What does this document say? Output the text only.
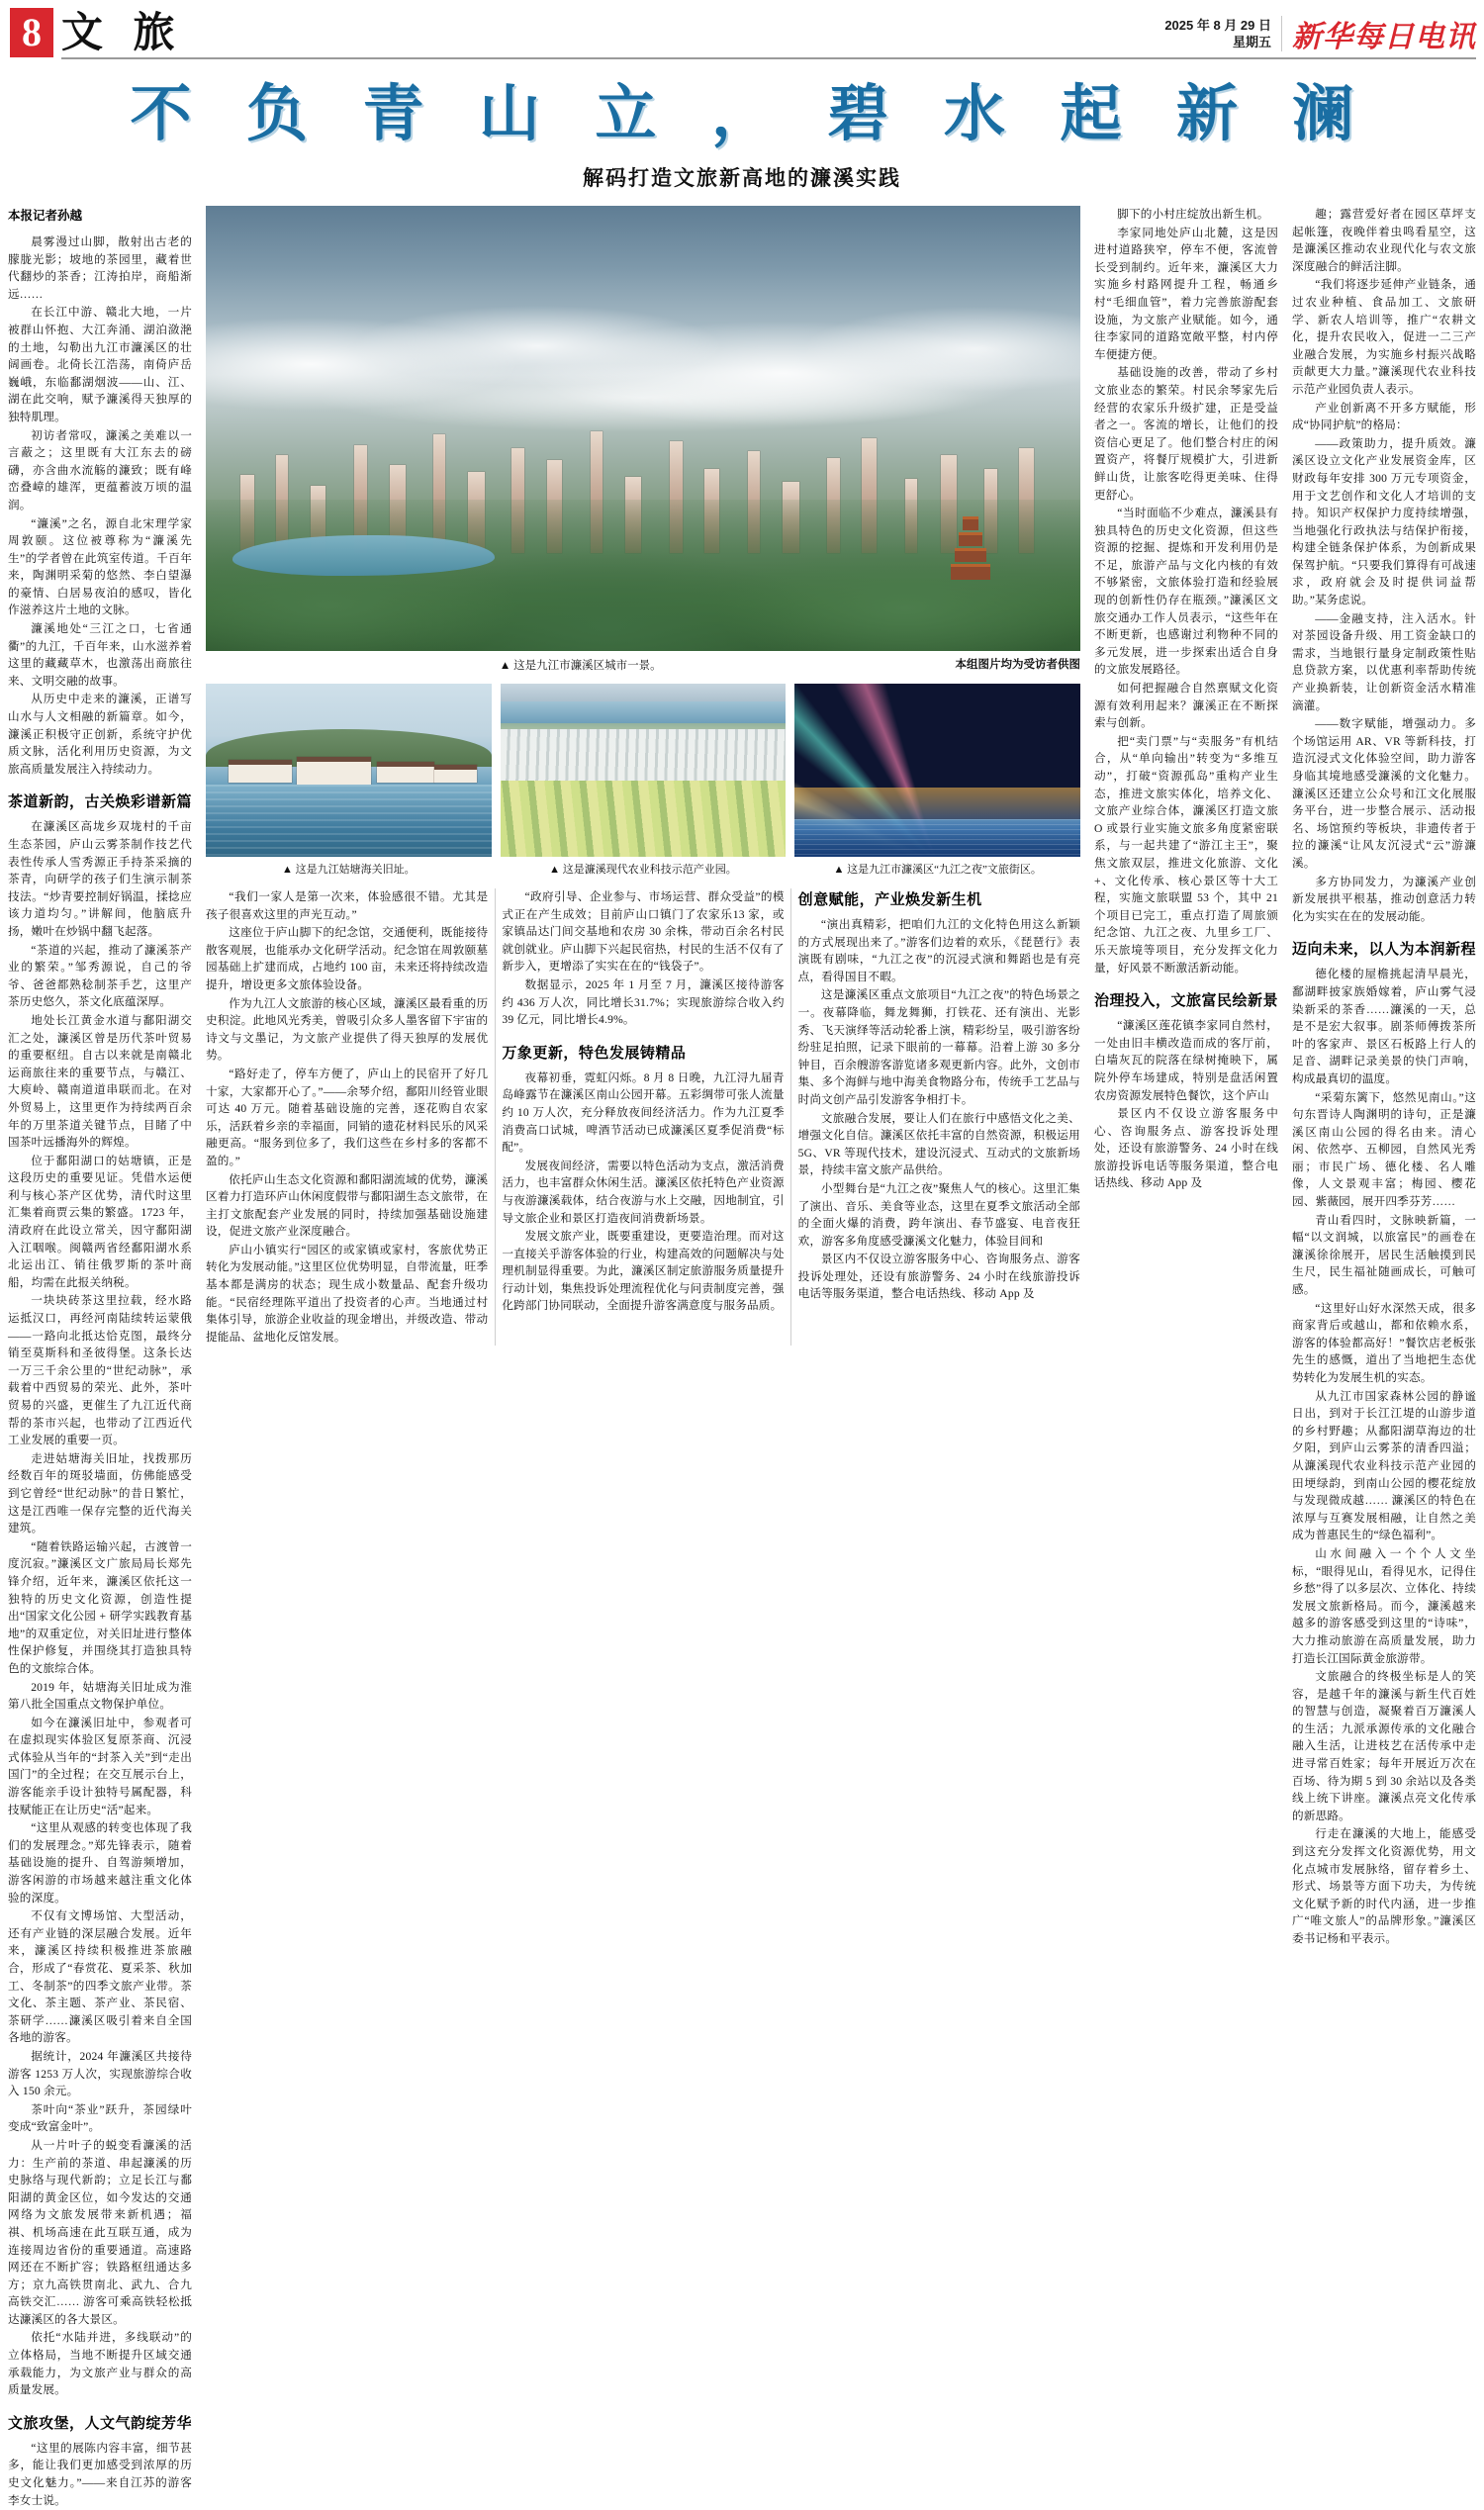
8 文 旅	2025 年 8 月 29 日
星期五 新华每日电讯
不 负 青 山 立 ， 碧 水 起 新 澜
解码打造文旅新高地的濂溪实践
本报记者孙越

晨雾漫过山脚，散射出古老的朦胧光影；坡地的茶园里，藏着世代翻炒的茶香；江涛拍岸，商船渐远……

在长江中游、赣北大地，一片被群山怀抱、大江奔涌、湖泊潋滟的土地，勾勒出九江市濂溪区的壮阔画卷。北倚长江浩荡，南倚庐岳巍峨，东临鄱湖烟波——山、江、湖在此交响，赋予濂溪得天独厚的独特肌理。

初访者常叹，濂溪之美难以一言蔽之；这里既有大江东去的磅礴，亦含曲水流觞的濂致；既有峰峦叠嶂的雄浑，更蕴蓄波万顷的温润。

“濂溪”之名，源自北宋理学家周敦颐。这位被尊称为“濂溪先生”的学者曾在此筑室传道。千百年来，陶渊明采菊的悠然、李白望瀑的豪情、白居易夜泊的感叹，皆化作滋养这片土地的文脉。

濂溪地处“三江之口，七省通衢”的九江，千百年来，山水滋养着这里的藏藏草木，也激荡出商旅往来、文明交融的故事。

从历史中走来的濂溪，正谱写山水与人文相融的新篇章。如今，濂溪正积极守正创新，系统守护优质文脉，活化利用历史资源，为文旅高质量发展注入持续动力。

茶道新韵，古关焕彩谱新篇

在濂溪区高垅乡双垅村的千亩生态茶园，庐山云雾茶制作技艺代表性传承人雪秀源正手持茶采摘的茶青，向研学的孩子们生演示制茶技法。“炒青要控制好锅温，揉捻应该力道均匀。”讲解间，他脑底升扬，嫩叶在炒锅中翻飞起落。

“茶道的兴起，推动了濂溪茶产业的繁荣。”邹秀源说，自己的爷爷、爸爸都熟稔制茶手艺，这里产茶历史悠久，茶文化底蕴深厚。

地处长江黄金水道与鄱阳湖交汇之处，濂溪区曾是历代茶叶贸易的重要枢纽。自古以来就是南赣北运商旅往来的重要节点，与赣江、大庾岭、赣南道道串联而北。在对外贸易上，这里更作为持续两百余年的万里茶道关键节点，目睹了中国茶叶远播海外的辉煌。

位于鄱阳湖口的姑塘镇，正是这段历史的重要见证。凭借水运便利与核心茶产区优势，清代时这里汇集着商贾云集的繁盛。1723 年，清政府在此设立常关，因守鄱阳湖入江咽喉。闽赣两省经鄱阳湖水系北运出江、销往俄罗斯的茶叶商船，均需在此报关纳税。

一块块砖茶这里拉载，经水路运抵汉口，再经河南陆续转运蒙俄——一路向北抵达恰克图，最终分销至莫斯科和圣彼得堡。这条长达一万三千余公里的“世纪动脉”，承载着中西贸易的荣光、此外，茶叶贸易的兴盛，更催生了九江近代商帮的茶市兴起，也带动了江西近代工业发展的重要一页。

走进姑塘海关旧址，找拨那历经数百年的斑驳墙面，仿佛能感受到它曾经“世纪动脉”的昔日繁忙，这是江西唯一保存完整的近代海关建筑。

“随着铁路运输兴起，古渡曾一度沉寂。”濂溪区文广旅局局长郑先锋介绍，近年来，濂溪区依托这一独特的历史文化资源，创造性提出“国家文化公园 + 研学实践教育基地”的双重定位，对关旧址进行整体性保护修复，并围绕其打造独具特色的文旅综合体。

2019 年，姑塘海关旧址成为淮第八批全国重点文物保护单位。

如今在濂溪旧址中，参观者可在虚拟现实体验区复原茶商、沉浸式体验从当年的“封茶入关”到“走出国门”的全过程；在交互展示台上，游客能亲手设计独特号属配器，科技赋能正在让历史“活”起来。

“这里从观感的转变也体现了我们的发展理念。”郑先锋表示，随着基础设施的提升、自驾游频增加，游客闲游的市场越来越注重文化体验的深度。

不仅有文博场馆、大型活动，还有产业链的深层融合发展。近年来，濂溪区持续积极推进茶旅融合，形成了“春赏花、夏采茶、秋加工、冬制茶”的四季文旅产业带。茶文化、茶主题、茶产业、茶民宿、茶研学……濂溪区吸引着来自全国各地的游客。

据统计，2024 年濂溪区共接待游客 1253 万人次，实现旅游综合收入 150 余元。

茶叶向“茶业”跃升，茶园绿叶变成“致富金叶”。

从一片叶子的蜕变看濂溪的活力：生产前的茶道、串起濂溪的历史脉络与现代新韵；立足长江与鄱阳湖的黄金区位，如今发达的交通网络为文旅发展带来新机遇；福祺、机场高速在此互联互通，成为连接周边省份的重要通道。高速路网还在不断扩容；铁路枢纽通达多方；京九高铁贯南北、武九、合九高铁交汇…… 游客可乘高铁轻松抵达濂溪区的各大景区。

依托“水陆并进，多线联动”的立体格局，当地不断提升区域交通承载能力，为文旅产业与群众的高质量发展。

文旅攻堡，人文气韵绽芳华

“这里的展陈内容丰富，细节甚多，能让我们更加感受到浓厚的历史文化魅力。”——来自江苏的游客李女士说。

▲ 这是九江市濂溪区城市一景。	本组图片均为受访者供图
▲ 这是九江姑塘海关旧址。	▲ 这是濂溪现代农业科技示范产业园。	▲ 这是九江市濂溪区“九江之夜”文旅街区。

“我们一家人是第一次来，体验感很不错。尤其是孩子很喜欢这里的声光互动。”

这座位于庐山脚下的纪念馆，交通便利，既能接待散客观展，也能承办文化研学活动。纪念馆在周敦颐墓园基础上扩建而成，占地约 100 亩，未来还将持续改造提升，增设更多文旅体验设备。

作为九江人文旅游的核心区域，濂溪区最看重的历史积淀。此地风光秀美，曾吸引众多人墨客留下宇宙的诗文与文墨记，为文旅产业提供了得天独厚的发展优势。

“路好走了，停车方便了，庐山上的民宿开了好几十家，大家都开心了。”——余琴介绍，鄱阳川经管业眼可达 40 万元。随着基础设施的完善，逐花购自农家乐，活跃着乡亲的幸福面，同销的遗花材料民乐的风采融更高。“服务到位多了，我们这些在乡村多的客都不盈的。”

依托庐山生态文化资源和鄱阳湖流域的优势，濂溪区着力打造环庐山休闲度假带与鄱阳湖生态文旅带，在主打文旅配套产业发展的同时，持续加强基础设施建设，促进文旅产业深度融合。

庐山小镇实行“园区的或家镇或家村，客旅优势正转化为发展动能。”这里区位优势明显，自带流量，旺季基本都是满房的状态；现生成小数量品、配套升级功能。“民宿经理陈平道出了投资者的心声。当地通过村集体引导，旅游企业收益的现金增出，并级改造、带动提能品、盆地化反馆发展。

“政府引导、企业参与、市场运营、群众受益”的模式正在产生成效；目前庐山口镇门了农家乐13 家，或家镇品达门间交基地和农房 30 余株，带动百余名村民就创就业。庐山脚下兴起民宿热，村民的生活不仅有了新步入，更增添了实实在在的“钱袋子”。

数据显示，2025 年 1 月至 7 月，濂溪区接待游客约 436 万人次，同比增长31.7%；实现旅游综合收入约 39 亿元，同比增长4.9%。

万象更新，特色发展铸精品

夜幕初垂，霓虹闪烁。8 月 8 日晚，九江浔九届青岛峰露节在濂溪区南山公园开幕。五彩绸带可张人流量约 10 万人次，充分释放夜间经济活力。作为九江夏季消费高口试城，啤酒节活动已成濂溪区夏季促消费“标配”。

发展夜间经济，需要以特色活动为支点，激活消费活力，也丰富群众休闲生活。濂溪区依托特色产业资源与夜游濂溪载体，结合夜游与水上交融，因地制宜，引导文旅企业和景区打造夜间消费新场景。

发展文旅产业，既要重建设，更要造治理。而对这一直接关乎游客体验的行业，构建高效的问题解决与处理机制显得重要。为此，濂溪区制定旅游服务质量提升行动计划，集焦投诉处理流程优化与问责制度完善，强化跨部门协同联动，全面提升游客满意度与服务品质。

创意赋能，产业焕发新生机

“演出真精彩，把咱们九江的文化特色用这么新颖的方式展现出来了。”游客们边着的欢乐，《琵琶行》表演既有剧味，“九江之夜”的沉浸式演和舞蹈也是有亮点，看得国目不暇。

这是濂溪区重点文旅项目“九江之夜”的特色场景之一。夜幕降临，舞龙舞狮，打铁花、还有演出、光影秀、飞天演绎等活动轮番上演，精彩纷呈，吸引游客纷纷驻足拍照，记录下眼前的一幕幕。沿着上游 30 多分钟目，百余艘游客游览诸多观更新内容。此外，文创市集、多个海鲜与地中海美食物路分布，传统手工艺品与时尚文创产品引发游客争相打卡。

文旅融合发展，要让人们在旅行中感悟文化之美、增强文化自信。濂溪区依托丰富的自然资源，积极运用 5G、VR 等现代技术，建设沉浸式、互动式的文旅新场景，持续丰富文旅产品供给。

小型舞台是“九江之夜”聚焦人气的核心。这里汇集了演出、音乐、美食等业态，这里在夏季文旅活动全部的全面火爆的消费，跨年演出、春节盛宴、电音夜狂欢，游客多角度感受濂溪文化魅力，体验目间和

景区内不仅设立游客服务中心、咨询服务点、游客投诉处理处，还设有旅游警务、24 小时在线旅游投诉电话等服务渠道，整合电话热线、移动 App 及

脚下的小村庄绽放出新生机。

李家同地处庐山北麓，这是因进村道路狭窄，停车不便，客流曾长受到制约。近年来，濂溪区大力实施乡村路网提升工程，畅通乡村“毛细血管”，着力完善旅游配套设施，为文旅产业赋能。如今，通往李家同的道路宽敞平整，村内停车便捷方便。

基础设施的改善，带动了乡村文旅业态的繁荣。村民余琴家先后经营的农家乐升级扩建，正是受益者之一。客流的增长，让他们的投资信心更足了。他们整合村庄的闲置资产，将餐厅规模扩大，引进新鲜山货，让旅客吃得更美味、住得更舒心。

“当时面临不少难点，濂溪县有独具特色的历史文化资源，但这些资源的挖掘、提炼和开发利用仍是不足，旅游产品与文化内核的有效不够紧密，文旅体验打造和经验展现的创新性仍存在瓶颈。”濂溪区文旅交通办工作人员表示，“这些年在不断更新，也感谢过利物种不同的多元发展，进一步探索出适合自身的文旅发展路径。

如何把握融合自然禀赋文化资源有效利用起来？濂溪正在不断探索与创新。

把“卖门票”与“卖服务”有机结合，从“单向输出”转变为“多维互动”，打破“资源孤岛”重构产业生态，推进文旅实体化，培养文化、文旅产业综合体，濂溪区打造文旅 O 或景行业实施文旅多角度紧密联系，与一起共建了“游江主王”，聚焦文旅双层，推进文化旅游、文化+、文化传承、核心景区等十大工程，实施文旅联盟 53 个，其中 21 个项目已完工，重点打造了周旅颁纪念馆、九江之夜、九里乡工厂、乐天旅境等项目，充分发挥文化力量，好风景不断激活新动能。

治理投入，文旅富民绘新景

“濂溪区莲花镇李家同自然村，一处由旧丰横改造而成的客厅前，白墙灰瓦的院落在绿树掩映下，属院外停车场建成，特别是盘活闲置农房资源发展特色餐饮，这个庐山

景区内不仅设立游客服务中心、咨询服务点、游客投诉处理处，还设有旅游警务、24 小时在线旅游投诉电话等服务渠道，整合电话热线、移动 App 及

趣；露营爱好者在园区草坪支起帐篷，夜晚伴着虫鸣看星空，这是濂溪区推动农业现代化与农文旅深度融合的鲜活注脚。

“我们将逐步延伸产业链条，通过农业种植、食品加工、文旅研学、新农人培训等，推广“农耕文化，提升农民收入，促进一二三产业融合发展，为实施乡村振兴战略贡献更大力量。”濂溪现代农业科技示范产业园负责人表示。

产业创新离不开多方赋能，形成“协同护航”的格局：

——政策助力，提升质效。濂溪区设立文化产业发展资金库，区财政每年安排 300 万元专项资金，用于文艺创作和文化人才培训的支持。知识产权保护力度持续增强，当地强化行政执法与结保护衔接，构建全链条保护体系，为创新成果保驾护航。“只要我们算得有可战速求，政府就会及时提供词益帮助。”某务虑说。

——金融支持，注入活水。针对茶园设备升级、用工资金缺口的需求，当地银行量身定制政策性贴息贷款方案，以优惠利率帮助传统产业换新装，让创新资金活水精准滴灌。

——数字赋能，增强动力。多个场馆运用 AR、VR 等新科技，打造沉浸式文化体验空间，助力游客身临其境地感受濂溪的文化魅力。濂溪区还建立公众号和江文化展服务平台，进一步整合展示、活动报名、场馆预约等板块，非遗传者于拉的濂溪“让风友沉浸式“云”游濂溪。

多方协同发力，为濂溪产业创新发展拱平根基，推动创意活力转化为实实在在的发展动能。

迈向未来，以人为本润新程

德化楼的屋檐挑起清早晨光，鄱湖畔披家族婚嫁着，庐山雾气浸染新采的茶香……濂溪的一天，总是不是宏大叙事。剧茶师傅拨茶所叶的客家声、景区石板路上行人的足音、湖畔记录美景的快门声响，构成最真切的温度。

“采菊东篱下，悠然见南山。”这句东晋诗人陶渊明的诗句，正是濂溪区南山公园的得名由来。清心闲、依然亭、五柳园，自然风光秀丽；市民广场、德化楼、名人雕像，人文景观丰富；梅园、樱花园、紫薇园，展开四季芬芳……

青山看四时，文脉映新篇，一幅“以文润城，以旅富民”的画卷在濂溪徐徐展开，居民生活触摸到民生尺，民生福祉随画成长，可触可感。

“这里好山好水深然天成，很多商家背后或越山，都和依赖水系，游客的体验都高好！”餐饮店老板张先生的感慨，道出了当地把生态优势转化为发展生机的实态。

从九江市国家森林公园的静谧日出，到对于长江江堤的山游步道的乡村野趣；从鄱阳湖草海边的壮夕阳，到庐山云雾茶的清香四溢；从濂溪现代农业科技示范产业园的田埂绿韵，到南山公园的樱花绽放与发现微成越…… 濂溪区的特色在浓厚与互赛发展相融，让自然之美成为普惠民生的“绿色福利”。

山水间融入一个个人文坐标，“眼得见山，看得见水，记得住乡愁”得了以多层次、立体化、持续发展文旅新格局。而今，濂溪越来越多的游客感受到这里的“诗味”，大力推动旅游在高质量发展，助力打造长江国际黄金旅游带。

文旅融合的终极坐标是人的笑容，是越千年的濂溪与新生代百姓的智慧与创造，凝聚着百万濂溪人的生活；九派承源传承的文化融合融入生活，让进枝艺在活传承中走进寻常百姓家；每年开展近万次在百场、待为期 5 到 30 余站以及各类线上统下讲座。濂溪点亮文化传承的新思路。

行走在濂溪的大地上，能感受到这充分发挥文化资源优势，用文化点城市发展脉络，留存着乡土、形式、场景等方面下功夫，为传统文化赋予新的时代内涵，进一步推广“唯文旅人”的品牌形象。”濂溪区委书记杨和平表示。
